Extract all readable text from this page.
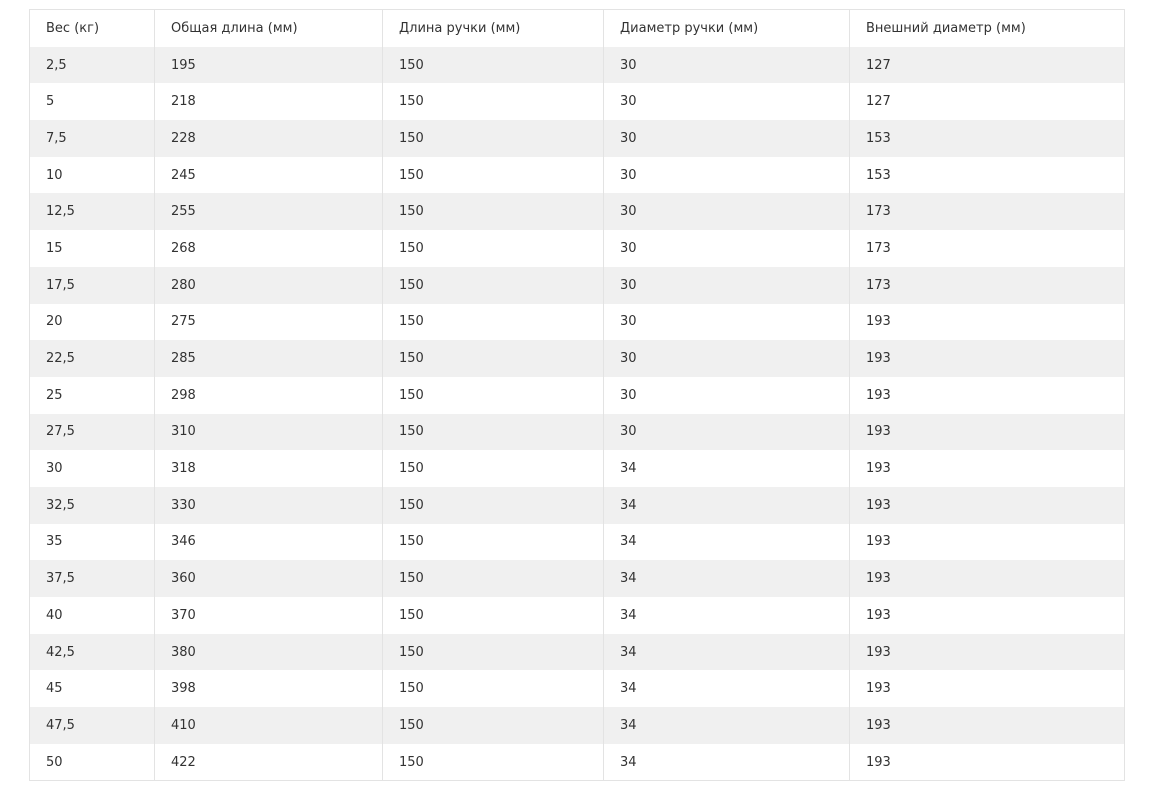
Вес (кг)	Общая длина (мм)	Длина ручки (мм)	Диаметр ручки (мм)	Внешний диаметр (мм)
2,5	195	150	30	127
5	218	150	30	127
7,5	228	150	30	153
10	245	150	30	153
12,5	255	150	30	173
15	268	150	30	173
17,5	280	150	30	173
20	275	150	30	193
22,5	285	150	30	193
25	298	150	30	193
27,5	310	150	30	193
30	318	150	34	193
32,5	330	150	34	193
35	346	150	34	193
37,5	360	150	34	193
40	370	150	34	193
42,5	380	150	34	193
45	398	150	34	193
47,5	410	150	34	193
50	422	150	34	193
